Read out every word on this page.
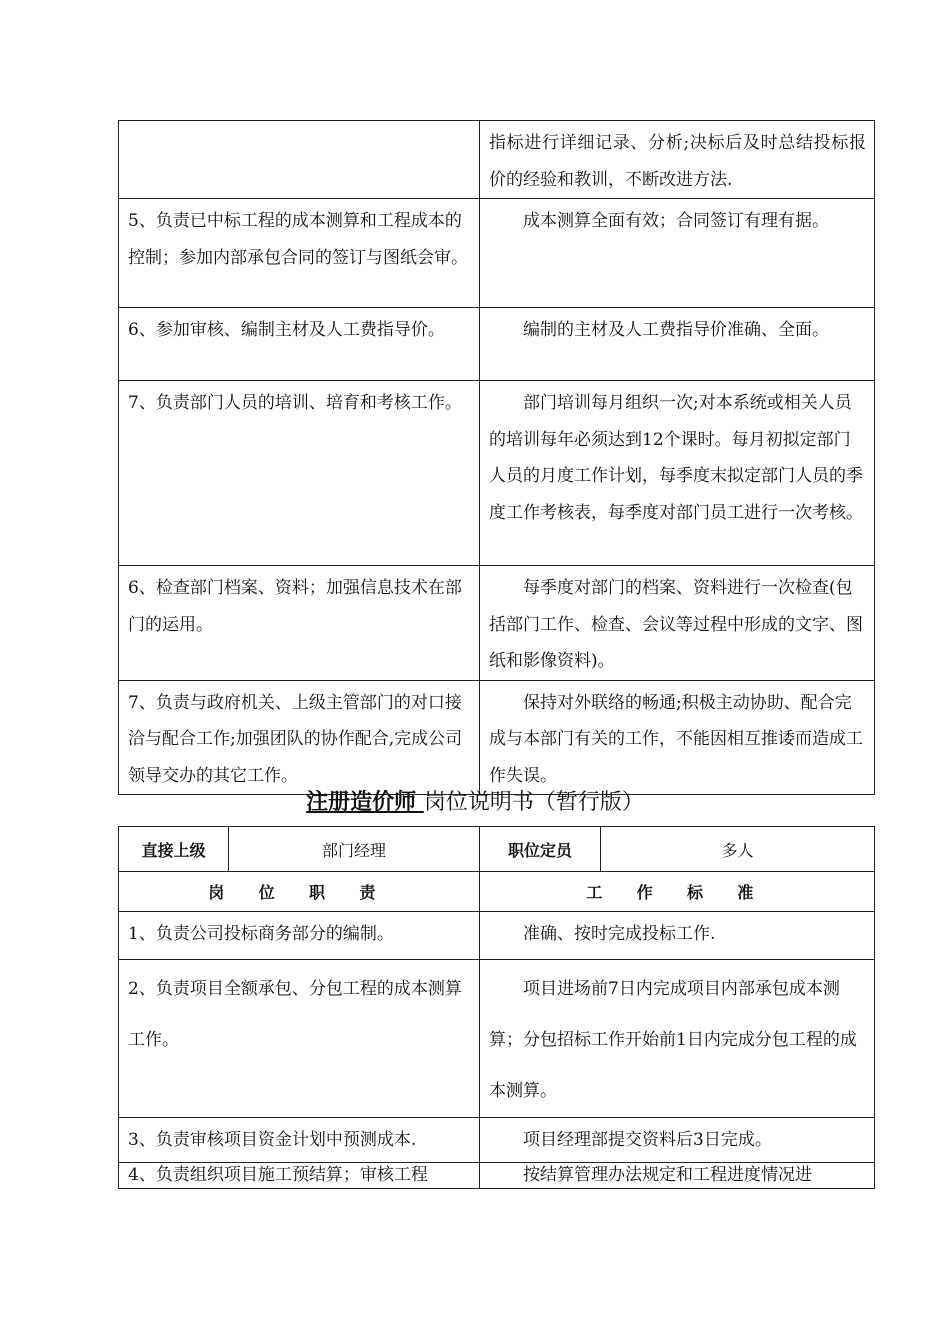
	指标进行详细记录、分析;决标后及时总结投标报价的经验和教训，不断改进方法.

5、负责已中标工程的成本测算和工程成本的控制；参加内部承包合同的签订与图纸会审。	成本测算全面有效；合同签订有理有据。

6、参加审核、编制主材及人工费指导价。	编制的主材及人工费指导价准确、全面。

7、负责部门人员的培训、培育和考核工作。	部门培训每月组织一次;对本系统或相关人员的培训每年必须达到12个课时。每月初拟定部门人员的月度工作计划，每季度末拟定部门人员的季度工作考核表，每季度对部门员工进行一次考核。

6、检查部门档案、资料；加强信息技术在部门的运用。	每季度对部门的档案、资料进行一次检查(包括部门工作、检查、会议等过程中形成的文字、图纸和影像资料)。

7、负责与政府机关、上级主管部门的对口接洽与配合工作;加强团队的协作配合,完成公司领导交办的其它工作。	保持对外联络的畅通;积极主动协助、配合完成与本部门有关的工作，不能因相互推诿而造成工作失误。

注册造价师 岗位说明书（暂行版）
直接上级	部门经理	职位定员	多人
岗 位 职 责		工 作 标 准	
1、负责公司投标商务部分的编制。		准确、按时完成投标工作.	

2、负责项目全额承包、分包工程的成本测算工作。		项目进场前7日内完成项目内部承包成本测算；分包招标工作开始前1日内完成分包工程的成本测算。	

3、负责审核项目资金计划中预测成本.		项目经理部提交资料后3日完成。	

4、负责组织项目施工预结算；审核工程		按结算管理办法规定和工程进度情况进	
